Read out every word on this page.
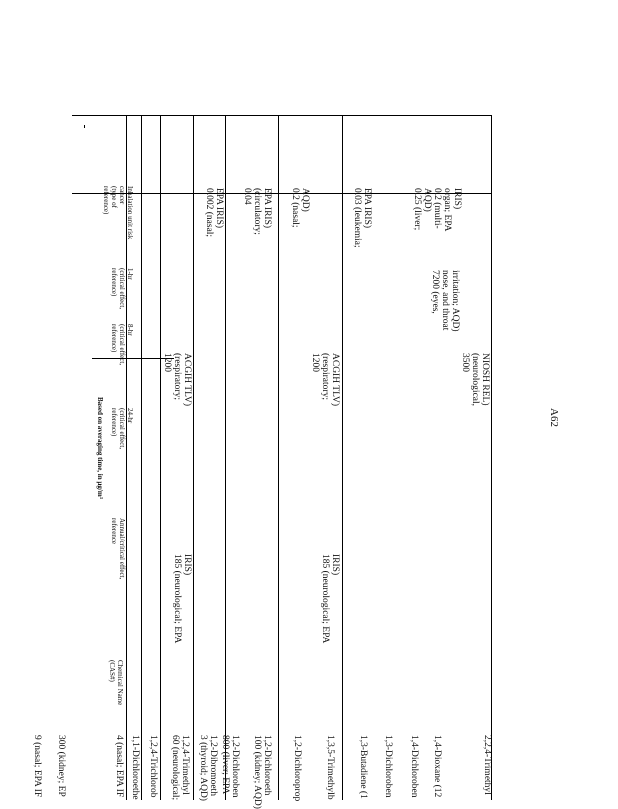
A62
Inhalation unit risk
cancer
(type of
reference)
1-hr
(critical effect,
reference)
8-hr
(critical effect,
reference)
24-hr
(critical effect,
reference)
Based on averaging time, in µg/m³
Annual/critical effect,
reference
Chemical Name
(CAS#)
2,2,4-Trimethyl
NIOSH REL)
(neurological,
3500
1,4-Dioxane (12
irritation; AQD)
nose, and throat
7200 (eyes,
IRIS)
organ; EPA
0.2 (multi-
AQD)
0.25 (liver;
1,4-Dichloroben
1,3-Dichloroben
1,3-Butadiene (1
EPA IRIS)
0.03 (leukemia;
1,3,5-Trimethylb
IRIS)
185 (neurological; EPA
ACGIH TLV)
(respiratory;
1200
1,2-Dichloroprop
AQD)
0.2 (nasal;
1,2-Dichloroeth
100 (kidney; AQD)
EPA IRIS)
(circulatory;
0.04
1,2-Dichloroben
800 (liver; EPA
1,2-Dibromoeth
3 (thyroid; AQD)
EPA IRIS)
0.002 (nasal;
1,2,4-Trimethyl
60 (neurological;
IRIS)
185 (neurological; EPA
ACGIH TLV)
(respiratory;
1200
1,2,4-Trichlorob
1,1-Dichloroethe
4 (nasal; EPA IF
300 (kidney; EP
9 (nasal; EPA IF
